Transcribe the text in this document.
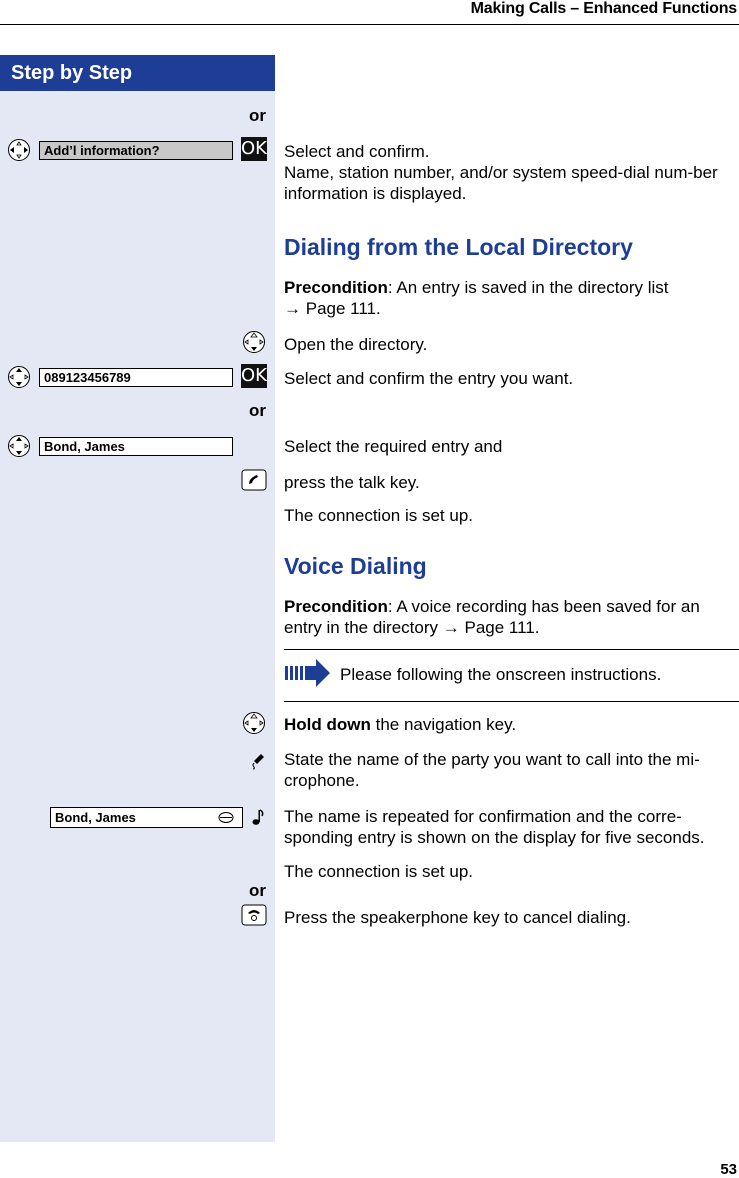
Making Calls – Enhanced Functions
Step by Step
or
Add’l information?	OK Select and confirm.
Name, station number, and/or system speed-dial num-ber information is displayed.
Dialing from the Local Directory
Precondition: An entry is saved in the directory list
→ Page 111.
Open the directory.
089123456789	OK Select and confirm the entry you want.
or
Bond, James	Select the required entry and
press the talk key.
The connection is set up.
Voice Dialing
Precondition: A voice recording has been saved for an entry in the directory → Page 111.
Please following the onscreen instructions.
Hold down the navigation key.
State the name of the party you want to call into the mi-crophone.
Bond, James	The name is repeated for confirmation and the corre-sponding entry is shown on the display for five seconds.
The connection is set up.
or
Press the speakerphone key to cancel dialing.
53
